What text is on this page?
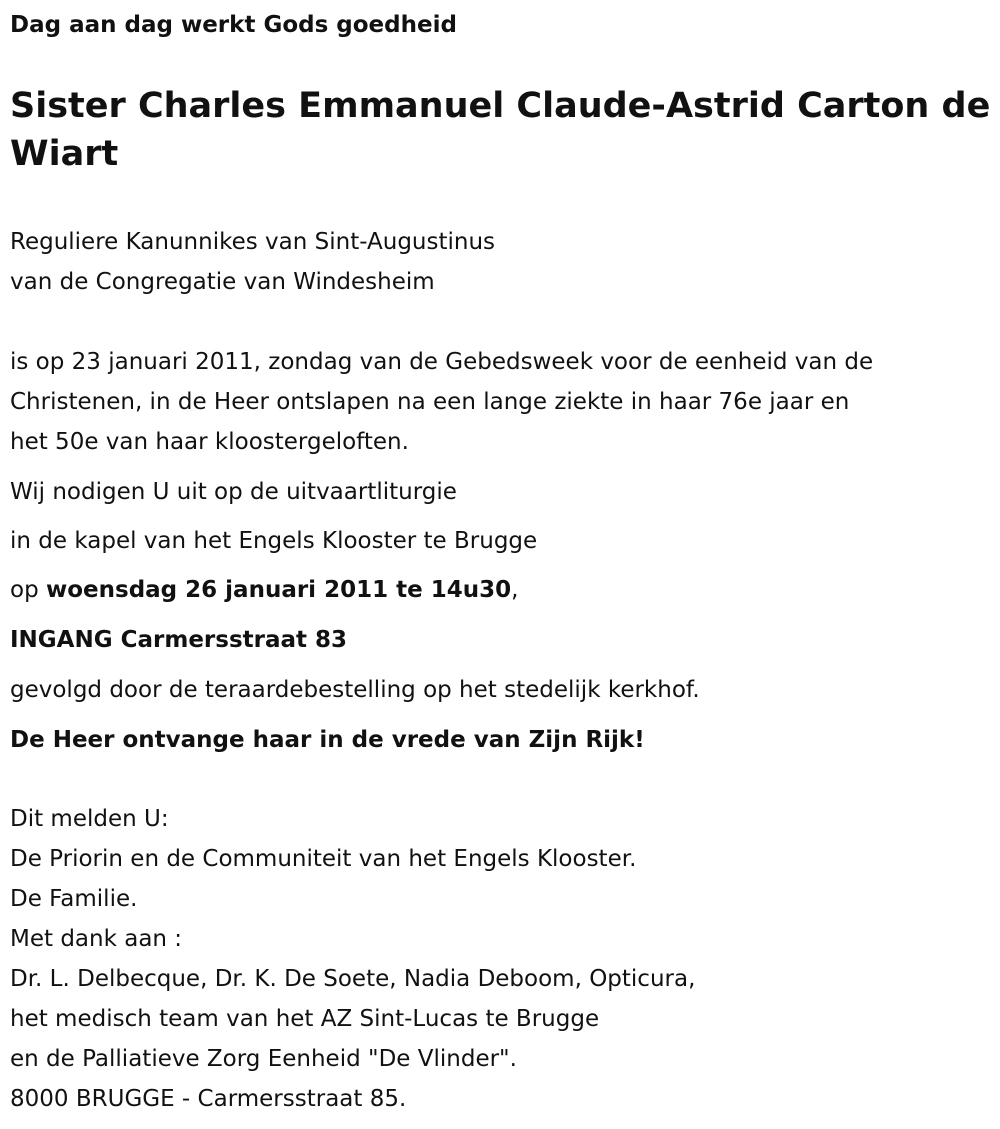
Dag aan dag werkt Gods goedheid
Sister Charles Emmanuel Claude-Astrid Carton de Wiart
Reguliere Kanunnikes van Sint-Augustinus
van de Congregatie van Windesheim
is op 23 januari 2011, zondag van de Gebedsweek voor de eenheid van de
Christenen, in de Heer ontslapen na een lange ziekte in haar 76e jaar en
het 50e van haar kloostergeloften.
Wij nodigen U uit op de uitvaartliturgie
in de kapel van het Engels Klooster te Brugge
op woensdag 26 januari 2011 te 14u30,
INGANG Carmersstraat 83
gevolgd door de teraardebestelling op het stedelijk kerkhof.
De Heer ontvange haar in de vrede van Zijn Rijk!
Dit melden U:
De Priorin en de Communiteit van het Engels Klooster.
De Familie.
Met dank aan :
Dr. L. Delbecque, Dr. K. De Soete, Nadia Deboom, Opticura,
het medisch team van het AZ Sint-Lucas te Brugge
en de Palliatieve Zorg Eenheid "De Vlinder".
8000 BRUGGE - Carmersstraat 85.
